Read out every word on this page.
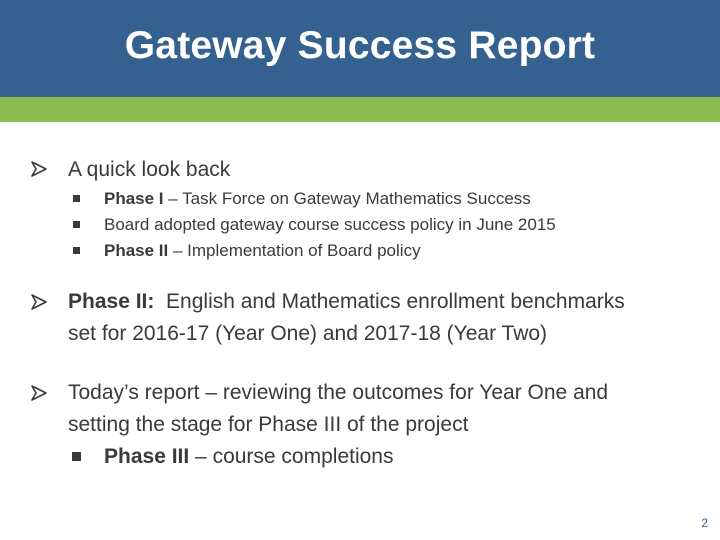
Gateway Success Report
A quick look back
Phase I – Task Force on Gateway Mathematics Success
Board adopted gateway course success policy in June 2015
Phase II – Implementation of Board policy
Phase II:  English and Mathematics enrollment benchmarks
set for 2016-17 (Year One) and 2017-18 (Year Two)
Today’s report – reviewing the outcomes for Year One and
setting the stage for Phase III of the project
Phase III – course completions
2
